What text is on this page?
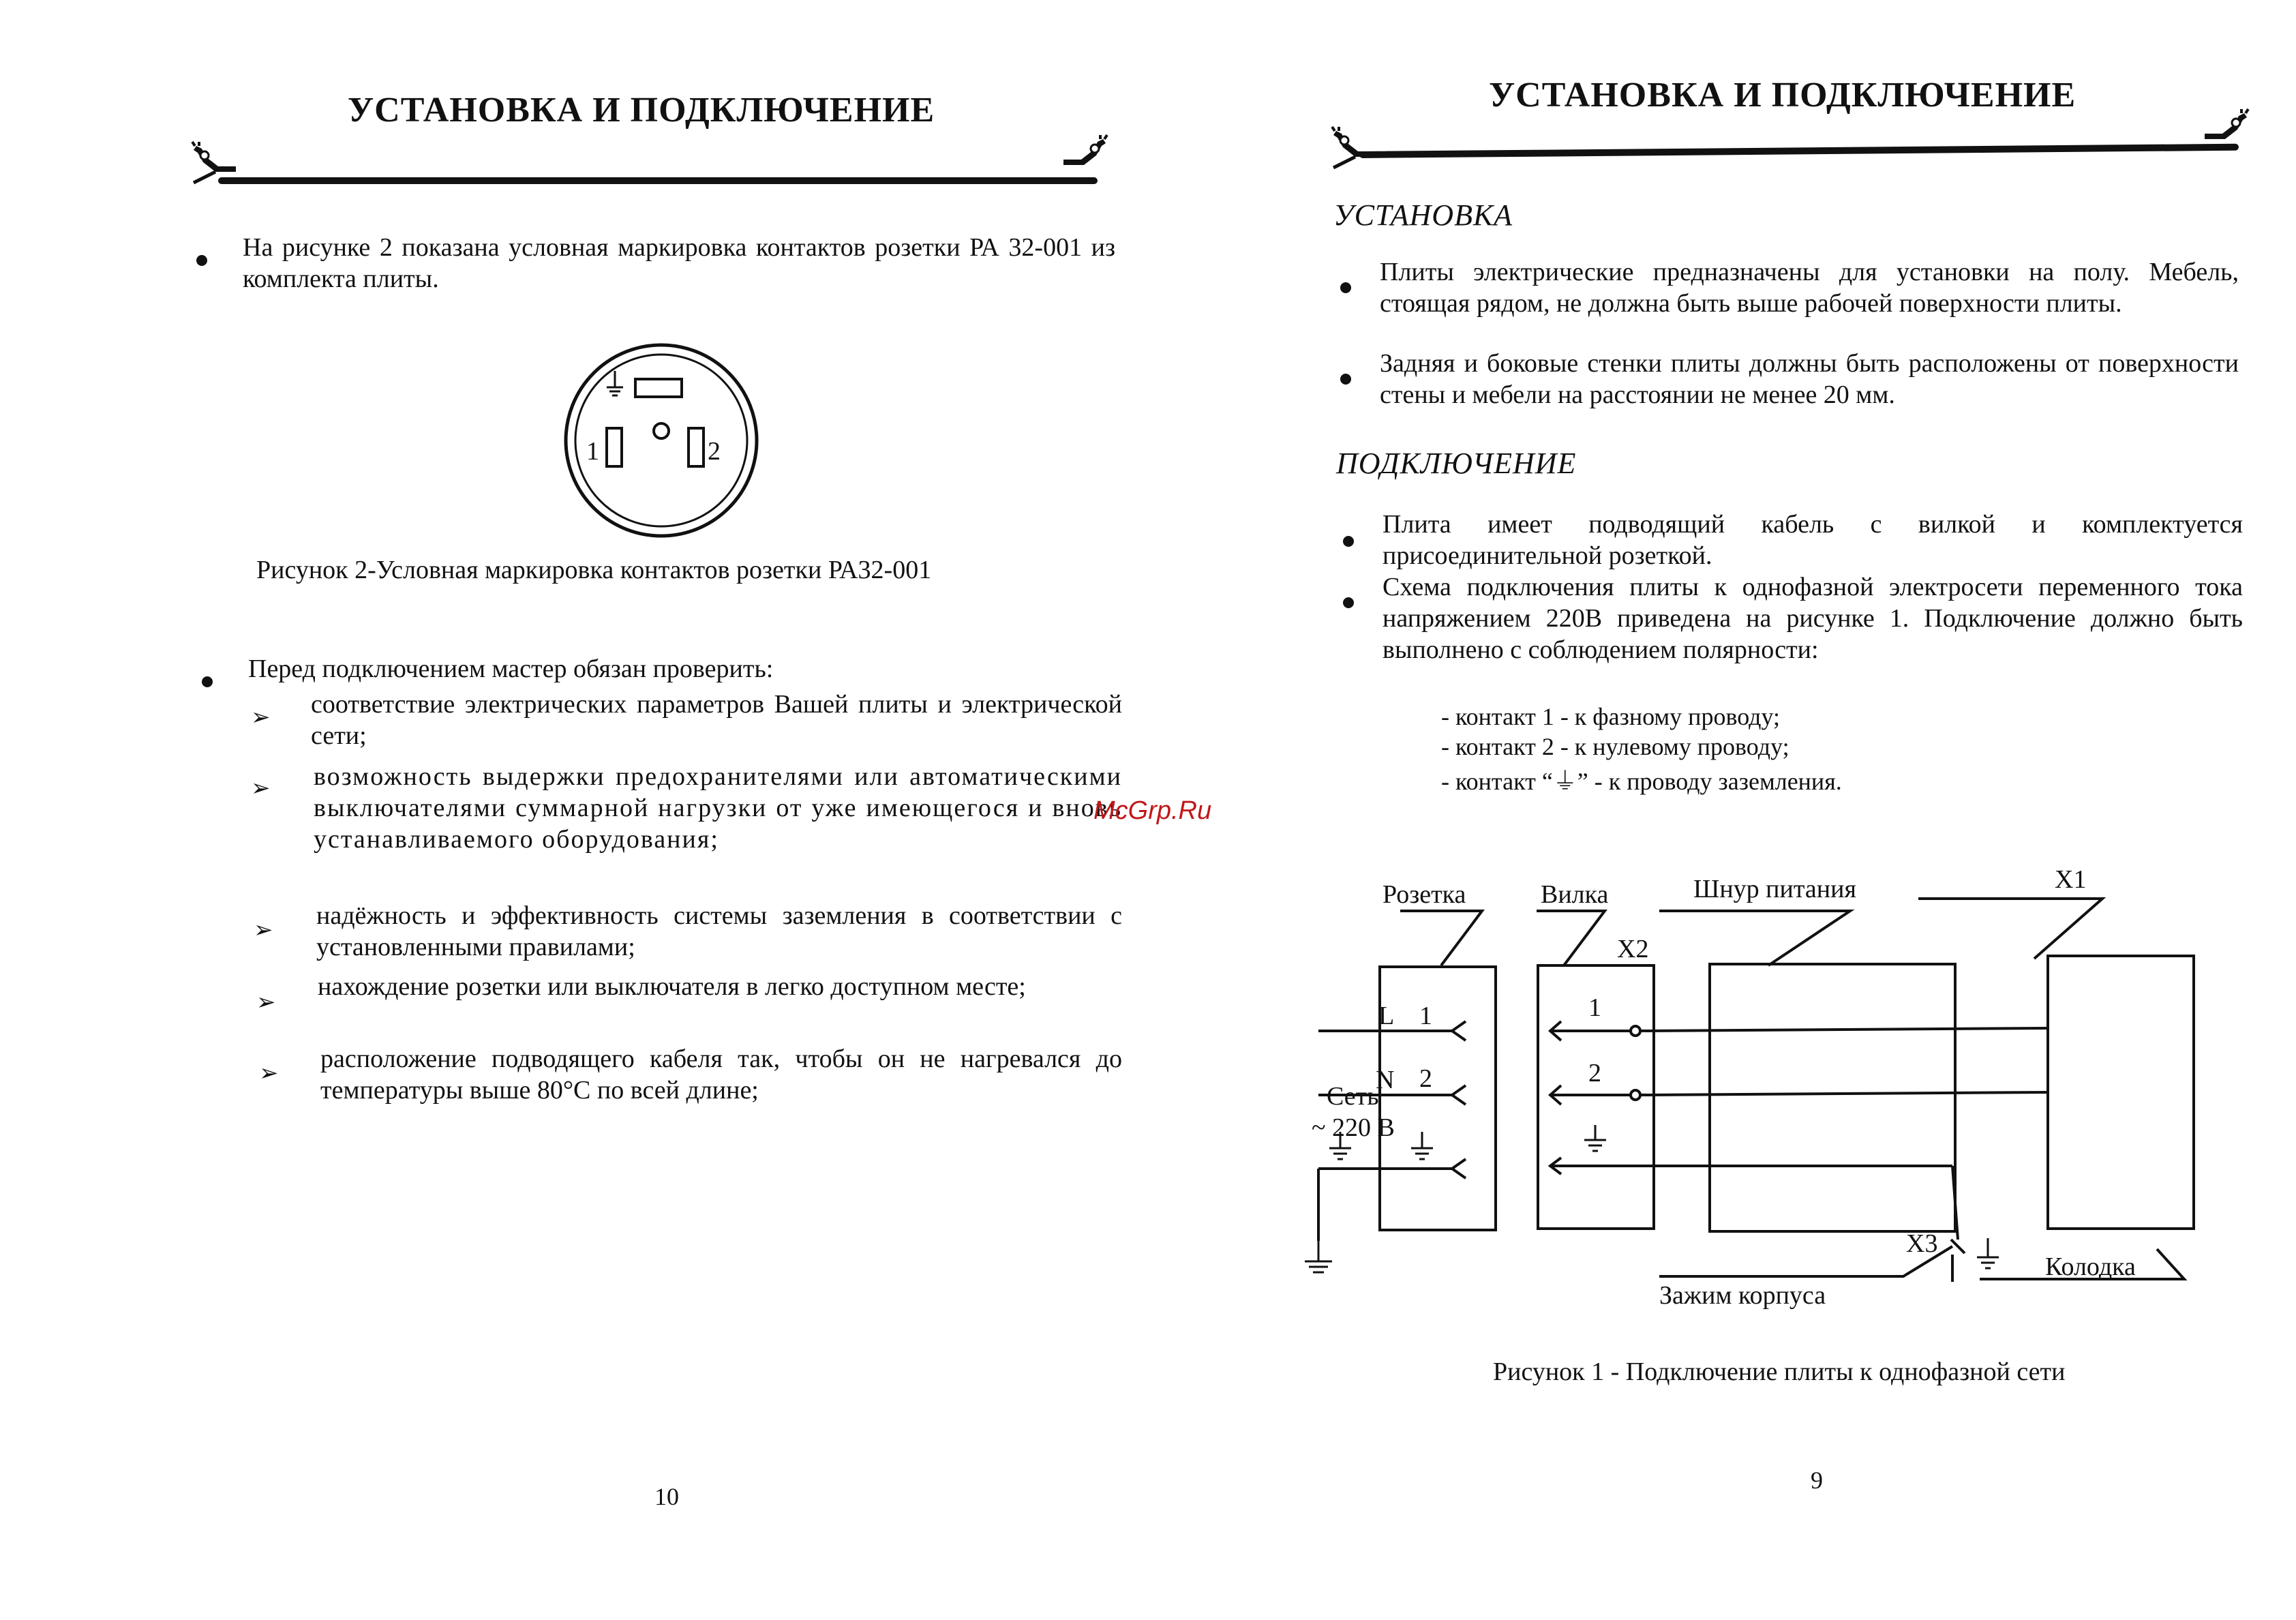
УСТАНОВКА И ПОДКЛЮЧЕНИЕ
На рисунке 2 показана условная маркировка контактов розетки РА 32-001 из комплекта плиты.
1	2
Рисунок 2-Условная маркировка контактов розетки РА32-001
Перед подключением мастер обязан проверить:
➢ соответствие электрических параметров Вашей плиты и электрической сети;
➢ возможность выдержки предохранителями или автоматическими выключателями суммарной нагрузки от уже имеющегося и вновь устанавливаемого оборудования;
➢
надёжность и эффективность системы заземления в соответствии с установленными правилами;
➢
нахождение розетки или выключателя в легко доступном месте;
➢
расположение подводящего кабеля так, чтобы он не нагревался до температуры выше 80°С по всей длине;
10
McGrp.Ru
УСТАНОВКА И ПОДКЛЮЧЕНИЕ
УСТАНОВКА
Плиты электрические предназначены для установки на полу. Мебель, стоящая рядом, не должна быть выше рабочей поверхности плиты.
Задняя и боковые стенки плиты должны быть расположены от поверхности стены и мебели на расстоянии не менее 20 мм.
ПОДКЛЮЧЕНИЕ
Плита имеет подводящий кабель с вилкой и комплектуется присоединительной розеткой.
Схема подключения плиты к однофазной электросети переменного тока напряжением 220В приведена на рисунке 1. Подключение должно быть выполнено с соблюдением полярности:
- контакт 1 - к фазному проводу;
- контакт 2 - к нулевому проводу;
- контакт “⏚” - к проводу заземления.
Розетка	Вилка	Шнур питания	Х1
Х2
L
N
Сеть
~ 220 В
1
2
1
2
Х3
Зажим корпуса
Колодка
Рисунок 1 - Подключение плиты к однофазной сети
9
